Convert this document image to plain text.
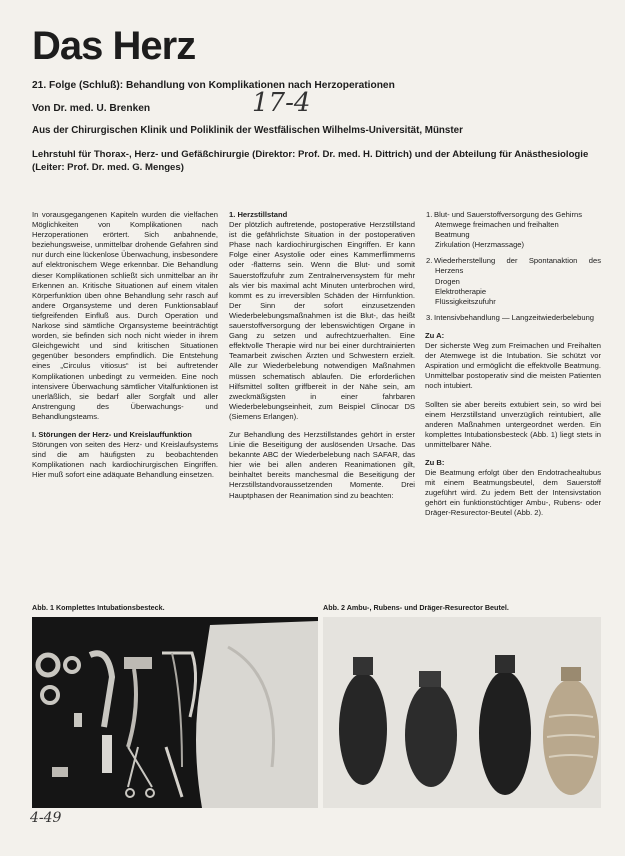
Das Herz
21. Folge (Schluß): Behandlung von Komplikationen nach Herzoperationen
Von Dr. med. U. Brenken	17-4
Aus der Chirurgischen Klinik und Poliklinik der Westfälischen Wilhelms-Universität, Münster
Lehrstuhl für Thorax-, Herz- und Gefäßchirurgie (Direktor: Prof. Dr. med. H. Dittrich) und der Abteilung für Anästhesiologie (Leiter: Prof. Dr. med. G. Menges)

In vorausgegangenen Kapiteln wurden die vielfachen Möglichkeiten von Komplikationen nach Herzoperationen erörtert. Sich anbahnende, beziehungsweise, unmittelbar drohende Gefahren sind nur durch eine lückenlose Überwachung, insbesondere auf elektronischem Wege erkennbar. Die Behandlung dieser Komplikationen schließt sich unmittelbar an ihr Erkennen an. Kritische Situationen auf einem vitalen Körperfunktion üben ohne Behandlung sehr rasch auf andere Organsysteme und deren Funktionsablauf tiefgreifenden Einfluß aus. Durch Operation und Narkose sind sämtliche Organsysteme beeinträchtigt worden, sie befinden sich noch nicht wieder in ihrem Gleichgewicht und sind kritischen Situationen gegenüber besonders empfindlich. Die Entstehung eines „Circulus vitiosus“ ist bei auftretender Komplikationen unbedingt zu vermeiden. Eine noch intensivere Überwachung sämtlicher Vitalfunktionen ist unerläßlich, sie bedarf aller Sorgfalt und aller Anstrengung des Überwachungs- und Behandlungsteams.

I. Störungen der Herz- und Kreislauffunktion

Störungen von seiten des Herz- und Kreislaufsystems sind die am häufigsten zu beobachtenden Komplikationen nach kardiochirurgischen Eingriffen. Hier muß sofort eine adäquate Behandlung einsetzen.

1. Herzstillstand

Der plötzlich auftretende, postoperative Herzstillstand ist die gefährlichste Situation in der postoperativen Phase nach kardiochirurgischen Eingriffen. Er kann Folge einer Asystolie oder eines Kammerflimmerns oder -flatterns sein. Wenn die Blut- und somit Sauerstoffzufuhr zum Zentralnervensystem für mehr als vier bis maximal acht Minuten unterbrochen wird, kommt es zu irreversiblen Schäden der Hirnfunktion. Der Sinn der sofort einzusetzenden Wiederbelebungsmaßnahmen ist die Blut-, das heißt sauerstoffversorgung der lebenswichtigen Organe in Gang zu setzen und aufrechtzuerhalten. Eine effektvolle Therapie wird nur bei einer durchtrainierten Teamarbeit zwischen Ärzten und Schwestern erzielt. Alle zur Wiederbelebung notwendigen Maßnahmen müssen schematisch ablaufen. Die erforderlichen Hilfsmittel sollten griffbereit in der Nähe sein, am zweckmäßigsten in einer fahrbaren Wiederbelebungseinheit, zum Beispiel Clinocar DS (Siemens Erlangen).

Zur Behandlung des Herzstillstandes gehört in erster Linie die Beseitigung der auslösenden Ursache. Das bekannte ABC der Wiederbelebung nach SAFAR, das hier wie bei allen anderen Reanimationen gilt, beinhaltet bereits manchesmal die Beseitigung der Herzstillstandvoraussetzenden Momente. Drei Hauptphasen der Reanimation sind zu beachten:

1. Blut- und Sauerstoffversorgung des Gehirns
Atemwege freimachen und freihalten
Beatmung
Zirkulation (Herzmassage)
2. Wiederherstellung der Spontanaktion des Herzens
Drogen
Elektrotherapie
Flüssigkeitszufuhr
3. Intensivbehandlung — Langzeitwiederbelebung
Zu A:

Der sicherste Weg zum Freimachen und Freihalten der Atemwege ist die Intubation. Sie schützt vor Aspiration und ermöglicht die effektvolle Beatmung. Unmittelbar postoperativ sind die meisten Patienten noch intubiert.

Sollten sie aber bereits extubiert sein, so wird bei einem Herzstillstand unverzüglich reintubiert, alle anderen Maßnahmen untergeordnet werden. Ein komplettes Intubationsbesteck (Abb. 1) liegt stets in unmittelbarer Nähe.

Zu B:

Die Beatmung erfolgt über den Endotrachealtubus mit einem Beatmungsbeutel, dem Sauerstoff zugeführt wird. Zu jedem Bett der Intensivstation gehört ein funktionstüchtiger Ambu-, Rubens- oder Dräger-Resurector-Beutel (Abb. 2).

Abb. 1 Komplettes Intubationsbesteck.	Abb. 2 Ambu-, Rubens- und Dräger-Resurector Beutel.
4-49
